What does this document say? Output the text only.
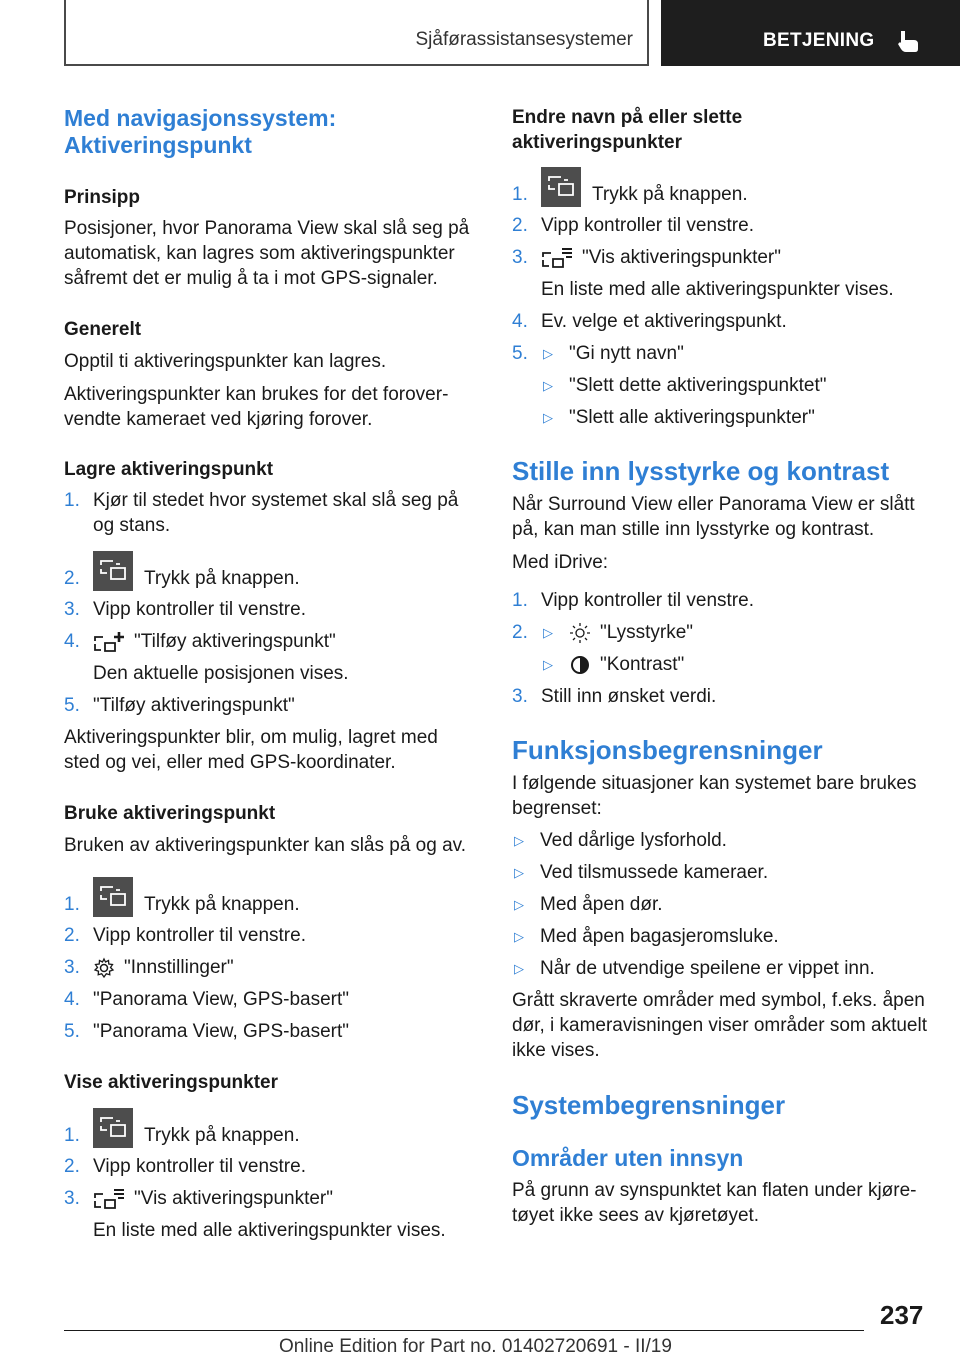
Sjåførassistansesystemer	BETJENING
Med navigasjonssystem:
Aktiveringspunkt
Prinsipp
Posisjoner, hvor Panorama View skal slå seg på
automatisk, kan lagres som aktiveringspunkter
såfremt det er mulig å ta i mot GPS-signaler.
Generelt
Opptil ti aktiveringspunkter kan lagres.
Aktiveringspunkter kan brukes for det forover-
vendte kameraet ved kjøring forover.
Lagre aktiveringspunkt
1. Kjør til stedet hvor systemet skal slå seg på
og stans.
2.	Trykk på knappen.
3. Vipp kontroller til venstre.
4.	"Tilføy aktiveringspunkt"
Den aktuelle posisjonen vises.
5. "Tilføy aktiveringspunkt"
Aktiveringspunkter blir, om mulig, lagret med
sted og vei, eller med GPS-koordinater.
Bruke aktiveringspunkt
Bruken av aktiveringspunkter kan slås på og av.
1.	Trykk på knappen.
2. Vipp kontroller til venstre.
3.	"Innstillinger"
4. "Panorama View, GPS-basert"
5. "Panorama View, GPS-basert"
Vise aktiveringspunkter
1.	Trykk på knappen.
2. Vipp kontroller til venstre.
3.	"Vis aktiveringspunkter"
En liste med alle aktiveringspunkter vises.
Endre navn på eller slette
aktiveringspunkter
1.	Trykk på knappen.
2. Vipp kontroller til venstre.
3.	"Vis aktiveringspunkter"
En liste med alle aktiveringspunkter vises.
4. Ev. velge et aktiveringspunkt.
5.	▷ "Gi nytt navn"
▷ "Slett dette aktiveringspunktet"
▷ "Slett alle aktiveringspunkter"
Stille inn lysstyrke og kontrast
Når Surround View eller Panorama View er slått
på, kan man stille inn lysstyrke og kontrast.
Med iDrive:
1. Vipp kontroller til venstre.
2.	▷	"Lysstyrke"
▷	"Kontrast"
3. Still inn ønsket verdi.
Funksjonsbegrensninger
I følgende situasjoner kan systemet bare brukes
begrenset:
▷ Ved dårlige lysforhold.
▷ Ved tilsmussede kameraer.
▷ Med åpen dør.
▷ Med åpen bagasjeromsluke.
▷ Når de utvendige speilene er vippet inn.
Grått skraverte områder med symbol, f.eks. åpen
dør, i kameravisningen viser områder som aktuelt
ikke vises.
Systembegrensninger
Områder uten innsyn
På grunn av synspunktet kan flaten under kjøre-
tøyet ikke sees av kjøretøyet.
237
Online Edition for Part no. 01402720691 - II/19
